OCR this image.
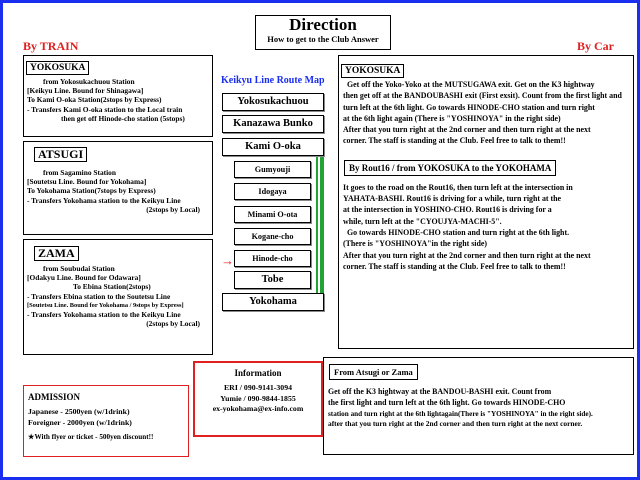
Direction
How to get to the Club Answer
By TRAIN	By Car
YOKOSUKA
from Yokosukachuou Station
[Keikyu Line. Bound for Shinagawa]
To Kami O-oka Station(2stops by Express)
- Transfers Kami O-oka station to the Local train
then get off Hinode-cho station (5stops)
ATSUGI
from Sagamino Station
[Soutetsu Line. Bound for Yokohama]
To Yokohama Station(7stops by Express)
- Transfers Yokohama station to the Keikyu Line
(2stops by Local)
ZAMA
from Soubudai Station
[Odakyu Line. Bound for Odawara]
To Ebina Station(2stops)
- Transfers Ebina station to the Soutetsu Line
[Soutetsu Line. Bound for Yokohama / 9stops by Express]
- Transfers Yokohama station to the Keikyu Line
(2stops by Local)
Keikyu Line Route Map
Yokosukachuou
Kanazawa Bunko
Kami O-oka
Gumyouji
Idogaya
Minami O-ota
Kogane-cho
→	Hinode-cho
Tobe
Yokohama
YOKOSUKA
Get off the Yoko-Yoko at the MUTSUGAWA exit. Get on the K3 hightway
then get off at the BANDOUBASHI exit (First exsit). Count from the first light and
turn left at the 6th light. Go towards HINODE-CHO station and turn right
at the 6th light again (There is "YOSHINOYA" in the right side)
After that you turn right at the 2nd corner and then turn right at the next
corner. The staff is standing at the Club. Feel free to talk to them!!
By Rout16 / from YOKOSUKA to the YOKOHAMA
It goes to the road on the Rout16, then turn left at the intersection in
YAHATA-BASHI. Rout16 is driving for a while, turn right at the
at the intersection in YOSHINO-CHO. Rout16 is driving for a
while, turn left at the "CYOUJYA-MACHI-5".
Go towards HINODE-CHO station and turn right at the 6th light.
(There is "YOSHINOYA"in the right side)
After that you turn right at the 2nd corner and then turn right at the next
corner. The staff is standing at the Club. Feel free to talk to them!!
ADMISSION
Japanese - 2500yen (w/1drink)
Foreigner - 2000yen (w/1drink)
★With flyer or ticket - 500yen discount!!
Information
ERI / 090-9141-3094
Yumie / 090-9844-1855
ex-yokohama@ex-info.com
From Atsugi or Zama
Get off the K3 hightway at the BANDOU-BASHI exit. Count from
the first light and turn left at the 6th light. Go towards HINODE-CHO
station and turn right at the 6th lightagain(There is "YOSHINOYA" in the right side).
after that you turn right at the 2nd corner and then turn right at the next corner.
